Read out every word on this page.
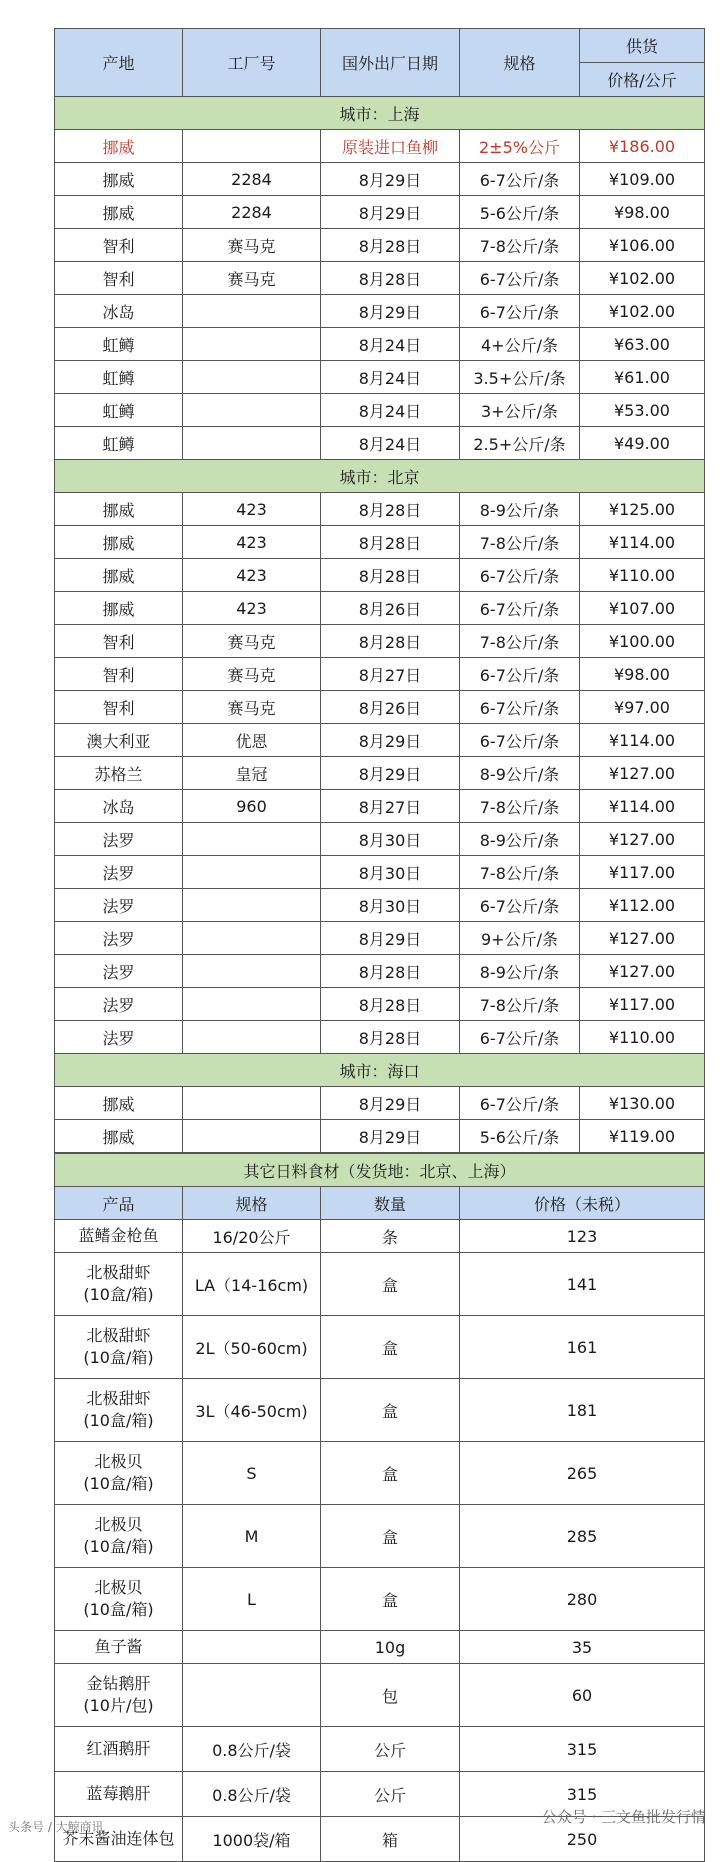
产地	工厂号	国外出厂日期	规格	供货
				价格/公斤
城市：上海				
挪威		原装进口鱼柳	2±5%公斤	¥186.00
挪威	2284	8月29日	6-7公斤/条	¥109.00
挪威	2284	8月29日	5-6公斤/条	¥98.00
智利	赛马克	8月28日	7-8公斤/条	¥106.00
智利	赛马克	8月28日	6-7公斤/条	¥102.00
冰岛		8月29日	6-7公斤/条	¥102.00
虹鳟		8月24日	4+公斤/条	¥63.00
虹鳟		8月24日	3.5+公斤/条	¥61.00
虹鳟		8月24日	3+公斤/条	¥53.00
虹鳟		8月24日	2.5+公斤/条	¥49.00
城市：北京				
挪威	423	8月28日	8-9公斤/条	¥125.00
挪威	423	8月28日	7-8公斤/条	¥114.00
挪威	423	8月28日	6-7公斤/条	¥110.00
挪威	423	8月26日	6-7公斤/条	¥107.00
智利	赛马克	8月28日	7-8公斤/条	¥100.00
智利	赛马克	8月27日	6-7公斤/条	¥98.00
智利	赛马克	8月26日	6-7公斤/条	¥97.00
澳大利亚	优恩	8月29日	6-7公斤/条	¥114.00
苏格兰	皇冠	8月29日	8-9公斤/条	¥127.00
冰岛	960	8月27日	7-8公斤/条	¥114.00
法罗		8月30日	8-9公斤/条	¥127.00
法罗		8月30日	7-8公斤/条	¥117.00
法罗		8月30日	6-7公斤/条	¥112.00
法罗		8月29日	9+公斤/条	¥127.00
法罗		8月28日	8-9公斤/条	¥127.00
法罗		8月28日	7-8公斤/条	¥117.00
法罗		8月28日	6-7公斤/条	¥110.00
城市：海口				
挪威		8月29日	6-7公斤/条	¥130.00
挪威		8月29日	5-6公斤/条	¥119.00
其它日料食材（发货地：北京、上海）			
产品	规格	数量	价格（未税）

蓝鳍金枪鱼	16/20公斤	条	123

北极甜虾
(10盒/箱)	LA（14-16cm)	盒	141

北极甜虾
(10盒/箱)	2L（50-60cm)	盒	161

北极甜虾
(10盒/箱)	3L（46-50cm)	盒	181

北极贝
(10盒/箱)	S	盒	265

北极贝
(10盒/箱)	M	盒	285

北极贝
(10盒/箱)	L	盒	280

鱼子酱		10g	35

金钻鹅肝
(10片/包)		包	60

红酒鹅肝	0.8公斤/袋	公斤	315

蓝莓鹅肝	0.8公斤/袋	公斤	315

芥末酱油连体包	1000袋/箱	箱	250
头条号 / 大鲸商讯
公众号 · 三文鱼批发行情
